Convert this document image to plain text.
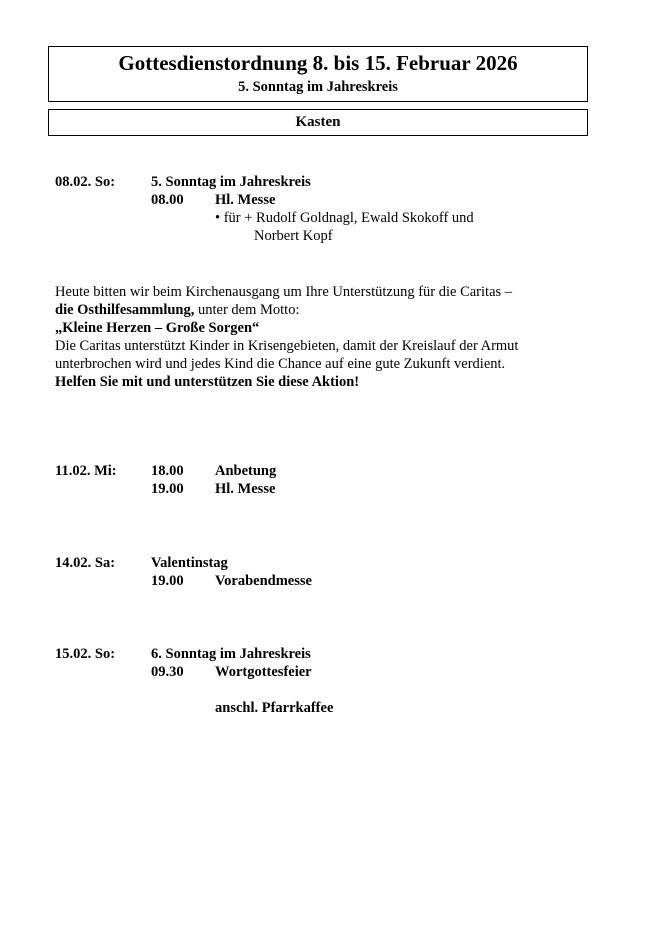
Gottesdienstordnung 8. bis 15. Februar 2026
5. Sonntag im Jahreskreis
Kasten
08.02. So: 5. Sonntag im Jahreskreis
08.00 Hl. Messe
• für + Rudolf Goldnagl, Ewald Skokoff und
Norbert Kopf

Heute bitten wir beim Kirchenausgang um Ihre Unterstützung für die Caritas –

die Osthilfesammlung, unter dem Motto:

„Kleine Herzen – Große Sorgen“

Die Caritas unterstützt Kinder in Krisengebieten, damit der Kreislauf der Armut

unterbrochen wird und jedes Kind die Chance auf eine gute Zukunft verdient.

Helfen Sie mit und unterstützen Sie diese Aktion!

11.02. Mi: 18.00 Anbetung
19.00 Hl. Messe
14.02. Sa: Valentinstag
19.00 Vorabendmesse
15.02. So: 6. Sonntag im Jahreskreis
09.30 Wortgottesfeier
anschl. Pfarrkaffee
